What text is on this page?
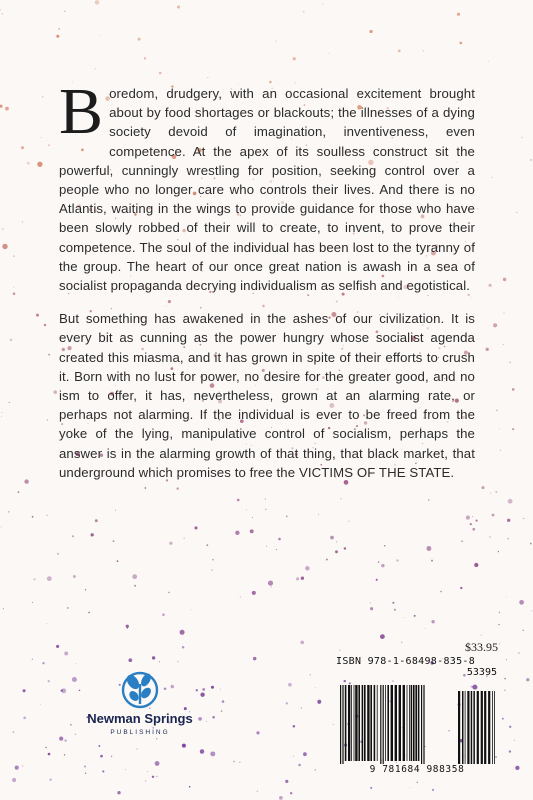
Boredom, drudgery, with an occasional excitement brought about by food shortages or blackouts; the illnesses of a dying society devoid of imagination, inventiveness, even competence. At the apex of its soulless construct sit the powerful, cunningly wrestling for position, seeking control over a people who no longer care who controls their lives. And there is no Atlantis, waiting in the wings to provide guidance for those who have been slowly robbed of their will to create, to invent, to prove their competence. The soul of the individual has been lost to the tyranny of the group. The heart of our once great nation is awash in a sea of socialist propaganda decrying individualism as selfish and egotistical.

But something has awakened in the ashes of our civilization. It is every bit as cunning as the power hungry whose socialist agenda created this miasma, and it has grown in spite of their efforts to crush it. Born with no lust for power, no desire for the greater good, and no ism to offer, it has, nevertheless, grown at an alarming rate, or perhaps not alarming. If the individual is ever to be freed from the yoke of the lying, manipulative control of socialism, perhaps the answer is in the alarming growth of that thing, that black market, that underground which promises to free the VICTIMS OF THE STATE.

$33.95
ISBN 978-1-68498-835-8
53395
9 781684 988358
Newman Springs
PUBLISHING
